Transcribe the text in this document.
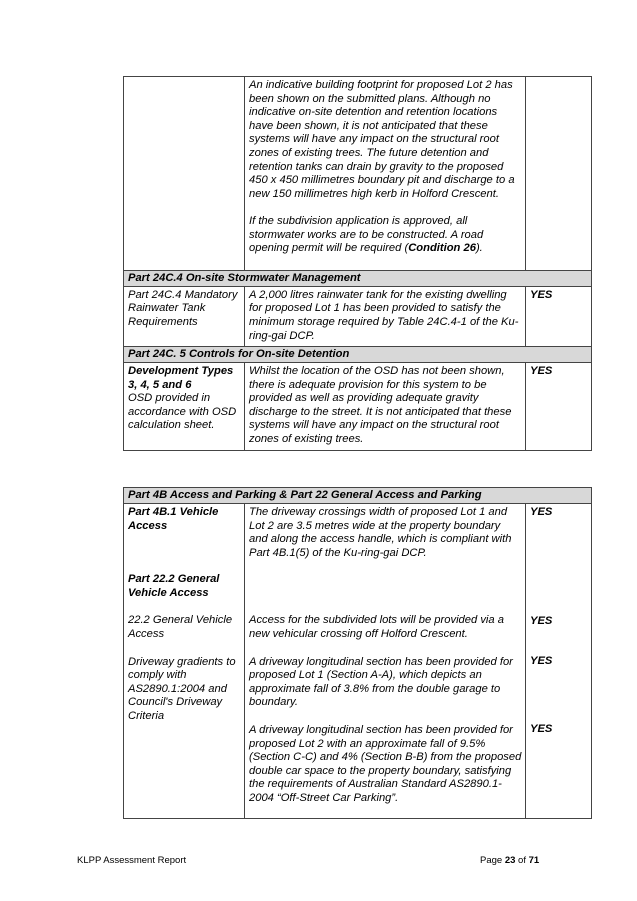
An indicative building footprint for proposed Lot 2 has been shown on the submitted plans. Although no indicative on-site detention and retention locations have been shown, it is not anticipated that these systems will have any impact on the structural root zones of existing trees. The future detention and retention tanks can drain by gravity to the proposed 450 x 450 millimetres boundary pit and discharge to a new 150 millimetres high kerb in Holford Crescent.

If the subdivision application is approved, all stormwater works are to be constructed. A road opening permit will be required (Condition 26).

Part 24C.4 On-site Stormwater Management
Part 24C.4 Mandatory Rainwater Tank Requirements
A 2,000 litres rainwater tank for the existing dwelling for proposed Lot 1 has been provided to satisfy the minimum storage required by Table 24C.4-1 of the Ku-ring-gai DCP.
YES
Part 24C. 5 Controls for On-site Detention
Development Types 3, 4, 5 and 6
OSD provided in accordance with OSD calculation sheet.
Whilst the location of the OSD has not been shown, there is adequate provision for this system to be provided as well as providing adequate gravity discharge to the street. It is not anticipated that these systems will have any impact on the structural root zones of existing trees.
YES
Part 4B Access and Parking & Part 22 General Access and Parking

Part 4B.1 Vehicle Access

Part 22.2 General Vehicle Access

22.2 General Vehicle Access

Driveway gradients to comply with AS2890.1:2004 and Council's Driveway Criteria

The driveway crossings width of proposed Lot 1 and Lot 2 are 3.5 metres wide at the property boundary and along the access handle, which is compliant with Part 4B.1(5) of the Ku-ring-gai DCP.

Access for the subdivided lots will be provided via a new vehicular crossing off Holford Crescent.

A driveway longitudinal section has been provided for proposed Lot 1 (Section A-A), which depicts an approximate fall of 3.8% from the double garage to boundary.

A driveway longitudinal section has been provided for proposed Lot 2 with an approximate fall of 9.5% (Section C-C) and 4% (Section B-B) from the proposed double car space to the property boundary, satisfying the requirements of Australian Standard AS2890.1-2004 “Off-Street Car Parking”.

YES

YES

YES

YES

KLPP Assessment Report	Page 23 of 71
